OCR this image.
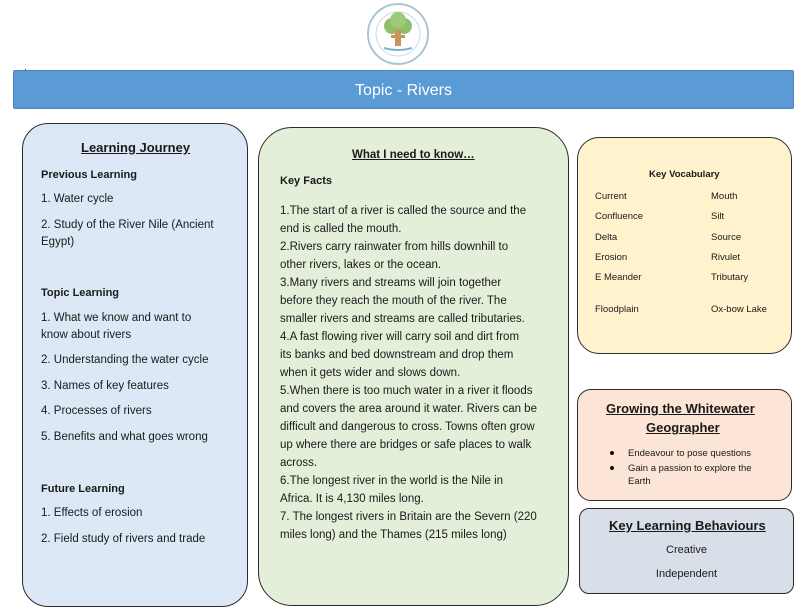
Topic - Rivers
Learning Journey
Previous Learning
1. Water cycle
2. Study of the River Nile (Ancient
Egypt)
Topic Learning
1. What we know and want to
know about rivers
2. Understanding the water cycle
3. Names of key features
4. Processes of rivers
5. Benefits and what goes wrong
Future Learning
1. Effects of erosion
2. Field study of rivers and trade
What I need to know…
Key Facts
1.The start of a river is called the source and the
end is called the mouth.
2.Rivers carry rainwater from hills downhill to
other rivers, lakes or the ocean.
3.Many rivers and streams will join together
before they reach the mouth of the river. The
smaller rivers and streams are called tributaries.
4.A fast flowing river will carry soil and dirt from
its banks and bed downstream and drop them
when it gets wider and slows down.
5.When there is too much water in a river it floods
and covers the area around it water. Rivers can be
difficult and dangerous to cross. Towns often grow
up where there are bridges or safe places to walk
across.
6.The longest river in the world is the Nile in
Africa. It is 4,130 miles long.
7. The longest rivers in Britain are the Severn (220
miles long) and the Thames (215 miles long)
Key Vocabulary
Current
Confluence
Delta
Erosion
E Meander
Floodplain
Mouth
Silt
Source
Rivulet
Tributary
Ox-bow Lake
Growing the Whitewater
Geographer
Endeavour to pose questions
Gain a passion to explore the
Earth
Key Learning Behaviours
Creative
Independent
